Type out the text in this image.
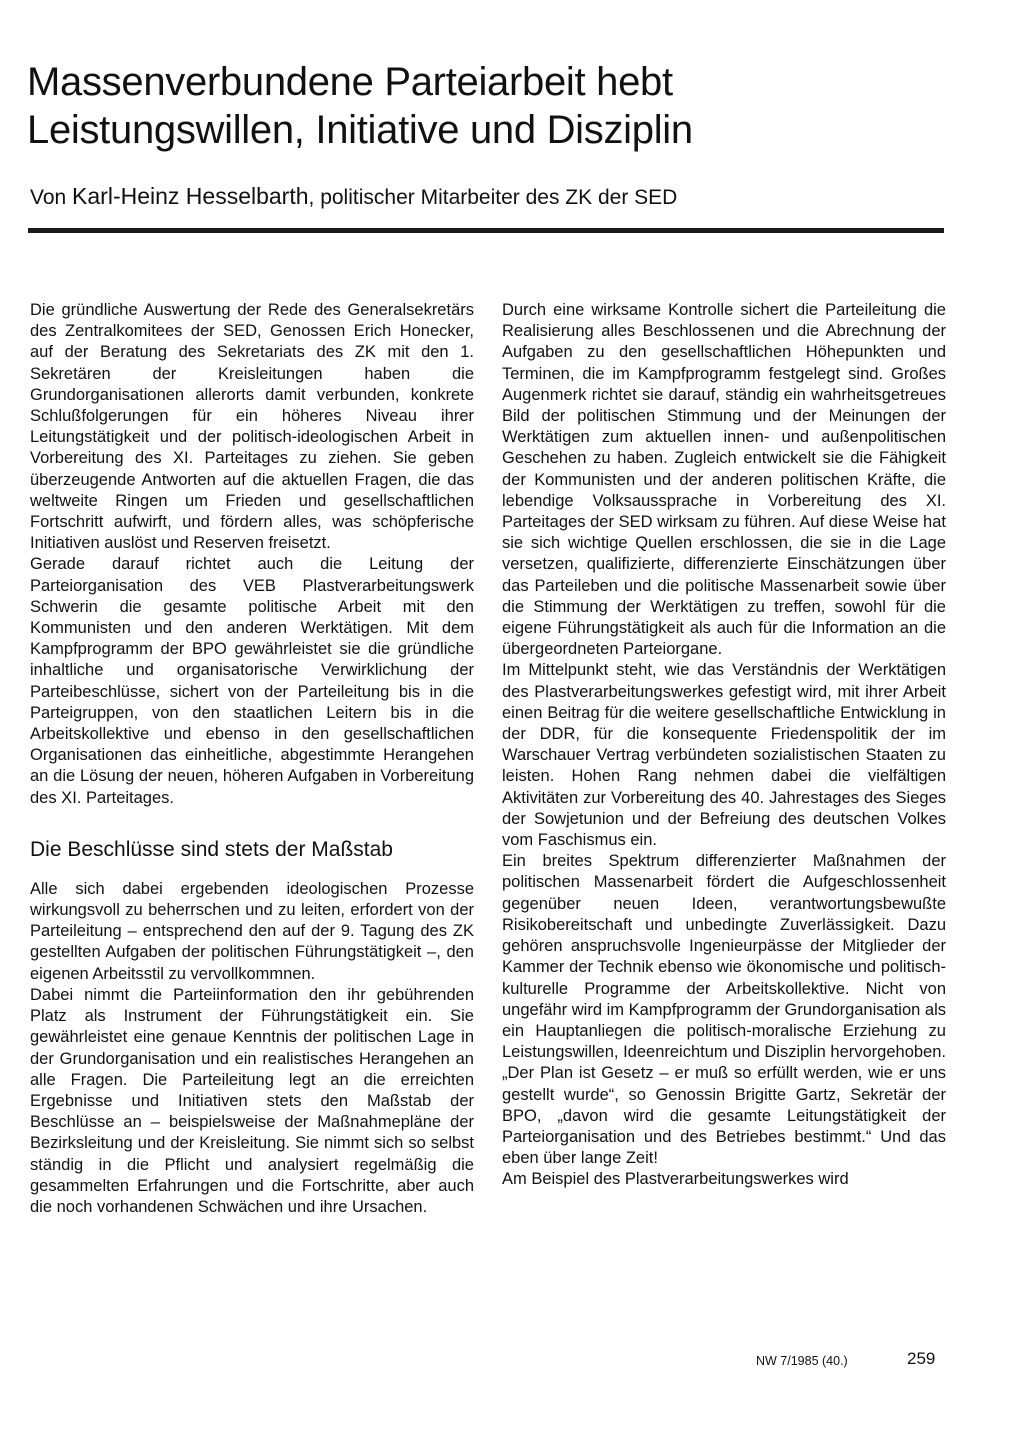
Massenverbundene Parteiarbeit hebt
Leistungswillen, Initiative und Disziplin
Von Karl-Heinz Hesselbarth, politischer Mitarbeiter des ZK der SED

Die gründliche Auswertung der Rede des Generalsekretärs des Zentralkomitees der SED, Genossen Erich Honecker, auf der Beratung des Sekretariats des ZK mit den 1. Sekretären der Kreisleitungen haben die Grundorganisationen allerorts damit verbunden, konkrete Schlußfolgerungen für ein höheres Niveau ihrer Leitungstätigkeit und der politisch-ideologischen Arbeit in Vorbereitung des XI. Parteitages zu ziehen. Sie geben überzeugende Antworten auf die aktuellen Fragen, die das weltweite Ringen um Frieden und gesellschaftlichen Fortschritt aufwirft, und fördern alles, was schöpferische Initiativen auslöst und Reserven freisetzt.

Gerade darauf richtet auch die Leitung der Parteiorganisation des VEB Plastverarbeitungswerk Schwerin die gesamte politische Arbeit mit den Kommunisten und den anderen Werktätigen. Mit dem Kampfprogramm der BPO gewährleistet sie die gründliche inhaltliche und organisatorische Verwirklichung der Parteibeschlüsse, sichert von der Parteileitung bis in die Parteigruppen, von den staatlichen Leitern bis in die Arbeitskollektive und ebenso in den gesellschaftlichen Organisationen das einheitliche, abgestimmte Herangehen an die Lösung der neuen, höheren Aufgaben in Vorbereitung des XI. Parteitages.

Die Beschlüsse sind stets der Maßstab

Alle sich dabei ergebenden ideologischen Prozesse wirkungsvoll zu beherrschen und zu leiten, erfordert von der Parteileitung – entsprechend den auf der 9. Tagung des ZK gestellten Aufgaben der politischen Führungstätigkeit –, den eigenen Arbeitsstil zu vervollkommnen.

Dabei nimmt die Parteiinformation den ihr gebührenden Platz als Instrument der Führungstätigkeit ein. Sie gewährleistet eine genaue Kenntnis der politischen Lage in der Grundorganisation und ein realistisches Herangehen an alle Fragen. Die Parteileitung legt an die erreichten Ergebnisse und Initiativen stets den Maßstab der Beschlüsse an – beispielsweise der Maßnahmepläne der Bezirksleitung und der Kreisleitung. Sie nimmt sich so selbst ständig in die Pflicht und analysiert regelmäßig die gesammelten Erfahrungen und die Fortschritte, aber auch die noch vorhandenen Schwächen und ihre Ursachen.

Durch eine wirksame Kontrolle sichert die Parteileitung die Realisierung alles Beschlossenen und die Abrechnung der Aufgaben zu den gesellschaftlichen Höhepunkten und Terminen, die im Kampfprogramm festgelegt sind. Großes Augenmerk richtet sie darauf, ständig ein wahrheitsgetreues Bild der politischen Stimmung und der Meinungen der Werktätigen zum aktuellen innen- und außenpolitischen Geschehen zu haben. Zugleich entwickelt sie die Fähigkeit der Kommunisten und der anderen politischen Kräfte, die lebendige Volksaussprache in Vorbereitung des XI. Parteitages der SED wirksam zu führen. Auf diese Weise hat sie sich wichtige Quellen erschlossen, die sie in die Lage versetzen, qualifizierte, differenzierte Einschätzungen über das Parteileben und die politische Massenarbeit sowie über die Stimmung der Werktätigen zu treffen, sowohl für die eigene Führungstätigkeit als auch für die Information an die übergeordneten Parteiorgane.

Im Mittelpunkt steht, wie das Verständnis der Werktätigen des Plastverarbeitungswerkes gefestigt wird, mit ihrer Arbeit einen Beitrag für die weitere gesellschaftliche Entwicklung in der DDR, für die konsequente Friedenspolitik der im Warschauer Vertrag verbündeten sozialistischen Staaten zu leisten. Hohen Rang nehmen dabei die vielfältigen Aktivitäten zur Vorbereitung des 40. Jahrestages des Sieges der Sowjetunion und der Befreiung des deutschen Volkes vom Faschismus ein.

Ein breites Spektrum differenzierter Maßnahmen der politischen Massenarbeit fördert die Aufgeschlossenheit gegenüber neuen Ideen, verantwortungsbewußte Risikobereitschaft und unbedingte Zuverlässigkeit. Dazu gehören anspruchsvolle Ingenieurpässe der Mitglieder der Kammer der Technik ebenso wie ökonomische und politisch-kulturelle Programme der Arbeitskollektive. Nicht von ungefähr wird im Kampfprogramm der Grundorganisation als ein Hauptanliegen die politisch-moralische Erziehung zu Leistungswillen, Ideenreichtum und Disziplin hervorgehoben. „Der Plan ist Gesetz – er muß so erfüllt werden, wie er uns gestellt wurde“, so Genossin Brigitte Gartz, Sekretär der BPO, „davon wird die gesamte Leitungstätigkeit der Parteiorganisation und des Betriebes bestimmt.“ Und das eben über lange Zeit!

Am Beispiel des Plastverarbeitungswerkes wird

NW 7/1985 (40.)	259
